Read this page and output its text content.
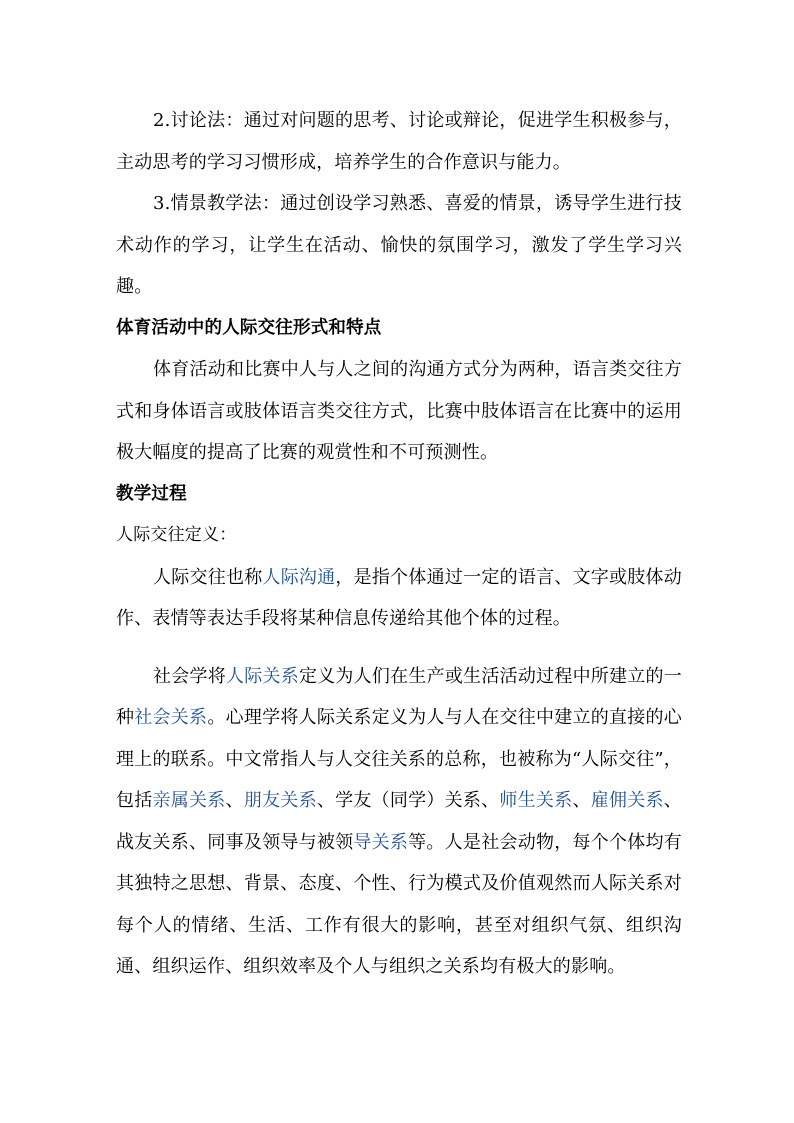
2.讨论法：通过对问题的思考、讨论或辩论，促进学生积极参与，主动思考的学习习惯形成，培养学生的合作意识与能力。

3.情景教学法：通过创设学习熟悉、喜爱的情景，诱导学生进行技术动作的学习，让学生在活动、愉快的氛围学习，激发了学生学习兴趣。

体育活动中的人际交往形式和特点

体育活动和比赛中人与人之间的沟通方式分为两种，语言类交往方式和身体语言或肢体语言类交往方式，比赛中肢体语言在比赛中的运用极大幅度的提高了比赛的观赏性和不可预测性。

教学过程

人际交往定义：

人际交往也称人际沟通，是指个体通过一定的语言、文字或肢体动作、表情等表达手段将某种信息传递给其他个体的过程。

社会学将人际关系定义为人们在生产或生活活动过程中所建立的一种社会关系。心理学将人际关系定义为人与人在交往中建立的直接的心理上的联系。中文常指人与人交往关系的总称，也被称为“人际交往”，包括亲属关系、朋友关系、学友（同学）关系、师生关系、雇佣关系、战友关系、同事及领导与被领导关系等。人是社会动物，每个个体均有其独特之思想、背景、态度、个性、行为模式及价值观然而人际关系对每个人的情绪、生活、工作有很大的影响，甚至对组织气氛、组织沟通、组织运作、组织效率及个人与组织之关系均有极大的影响。
